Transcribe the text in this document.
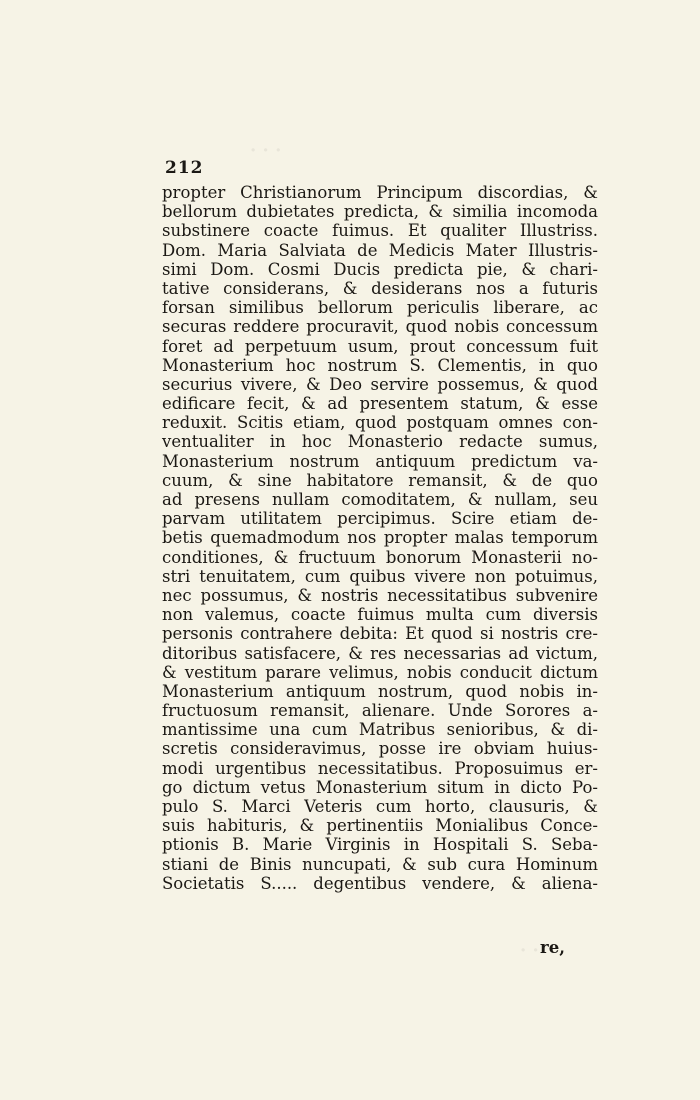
· · ·
· ·
212
propter Christianorum Principum discordias, &
bellorum dubietates predicta, & similia incomoda
substinere coacte fuimus. Et qualiter Illustriss.
Dom. Maria Salviata de Medicis Mater Illustris-
simi Dom. Cosmi Ducis predicta pie, & chari-
tative considerans, & desiderans nos a futuris
forsan similibus bellorum periculis liberare, ac
securas reddere procuravit, quod nobis concessum
foret ad perpetuum usum, prout concessum fuit
Monasterium hoc nostrum S. Clementis, in quo
securius vivere, & Deo servire possemus, & quod
edificare fecit, & ad presentem statum, & esse
reduxit. Scitis etiam, quod postquam omnes con-
ventualiter in hoc Monasterio redacte sumus,
Monasterium nostrum antiquum predictum va-
cuum, & sine habitatore remansit, & de quo
ad presens nullam comoditatem, & nullam, seu
parvam utilitatem percipimus. Scire etiam de-
betis quemadmodum nos propter malas temporum
conditiones, & fructuum bonorum Monasterii no-
stri tenuitatem, cum quibus vivere non potuimus,
nec possumus, & nostris necessitatibus subvenire
non valemus, coacte fuimus multa cum diversis
personis contrahere debita: Et quod si nostris cre-
ditoribus satisfacere, & res necessarias ad victum,
& vestitum parare velimus, nobis conducit dictum
Monasterium antiquum nostrum, quod nobis in-
fructuosum remansit, alienare. Unde Sorores a-
mantissime una cum Matribus senioribus, & di-
scretis consideravimus, posse ire obviam huius-
modi urgentibus necessitatibus. Proposuimus er-
go dictum vetus Monasterium situm in dicto Po-
pulo S. Marci Veteris cum horto, clausuris, &
suis habituris, & pertinentiis Monialibus Conce-
ptionis B. Marie Virginis in Hospitali S. Seba-
stiani de Binis nuncupati, & sub cura Hominum
Societatis S..... degentibus vendere, & aliena-
re,
